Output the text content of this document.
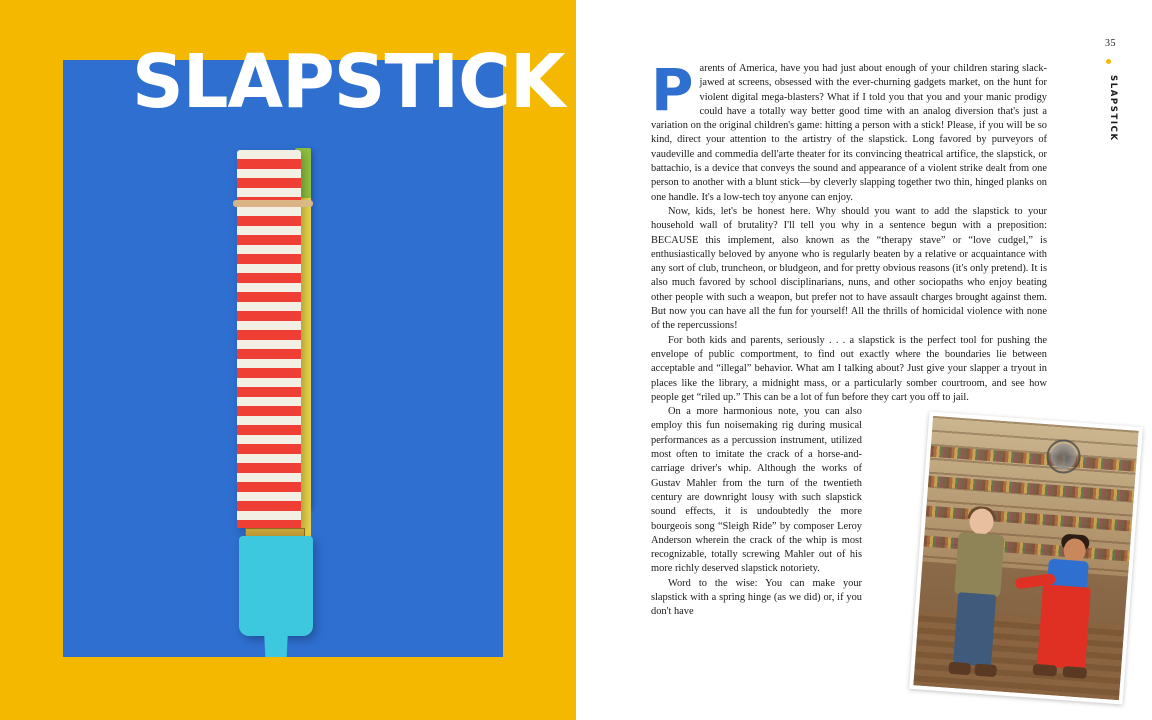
SLAPSTICK	35
SLAPSTICK

Parents of America, have you had just about enough of your children staring slack-jawed at screens, obsessed with the ever-churning gadgets market, on the hunt for violent digital mega-blasters? What if I told you that you and your manic prodigy could have a totally way better good time with an analog diversion that's just a variation on the original children's game: hitting a person with a stick! Please, if you will be so kind, direct your attention to the artistry of the slapstick. Long favored by purveyors of vaudeville and commedia dell'arte theater for its convincing theatrical artifice, the slapstick, or battachio, is a device that conveys the sound and appearance of a violent strike dealt from one person to another with a blunt stick—by cleverly slapping together two thin, hinged planks on one handle. It's a low-tech toy anyone can enjoy.

Now, kids, let's be honest here. Why should you want to add the slapstick to your household wall of brutality? I'll tell you why in a sentence begun with a preposition: BECAUSE this implement, also known as the “therapy stave” or “love cudgel,” is enthusiastically beloved by anyone who is regularly beaten by a relative or acquaintance with any sort of club, truncheon, or bludgeon, and for pretty obvious reasons (it's only pretend). It is also much favored by school disciplinarians, nuns, and other sociopaths who enjoy beating other people with such a weapon, but prefer not to have assault charges brought against them. But now you can have all the fun for yourself! All the thrills of homicidal violence with none of the repercussions!

For both kids and parents, seriously . . . a slapstick is the perfect tool for pushing the envelope of public comportment, to find out exactly where the boundaries lie between acceptable and “illegal” behavior. What am I talking about? Just give your slapper a tryout in places like the library, a midnight mass, or a particularly somber courtroom, and see how people get “riled up.” This can be a lot of fun before they cart you off to jail.

On a more harmonious note, you can also employ this fun noisemaking rig during musical performances as a percussion instrument, utilized most often to imitate the crack of a horse-and-carriage driver's whip. Although the works of Gustav Mahler from the turn of the twentieth century are downright lousy with such slapstick sound effects, it is undoubtedly the more bourgeois song “Sleigh Ride” by composer Leroy Anderson wherein the crack of the whip is most recognizable, totally screwing Mahler out of his more richly deserved slapstick notoriety.

Word to the wise: You can make your slapstick with a spring hinge (as we did) or, if you don't have
